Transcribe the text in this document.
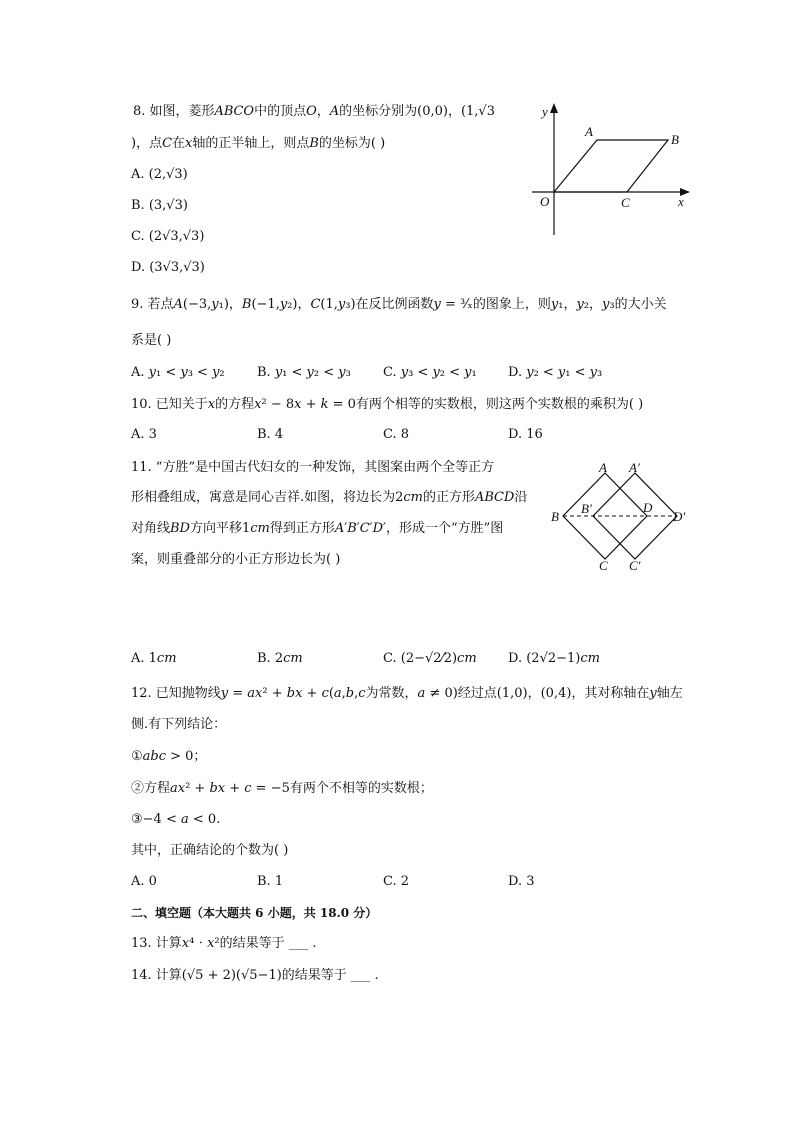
8. 如图，菱形𝐴𝐵𝐶𝑂中的顶点𝑂，𝐴的坐标分别为(0,0)，(1,√3
)，点𝐶在𝑥轴的正半轴上，则点𝐵的坐标为( )
A. (2,√3)
B. (3,√3)
C. (2√3,√3)
D. (3√3,√3)
y
x
O
A
B
C
9. 若点𝐴(−3,𝑦₁)，𝐵(−1,𝑦₂)，𝐶(1,𝑦₃)在反比例函数𝑦 = ³⁄ₓ的图象上，则𝑦₁，𝑦₂，𝑦₃的大小关
系是( )
A. 𝑦₁ < 𝑦₃ < 𝑦₂ B. 𝑦₁ < 𝑦₂ < 𝑦₃ C. 𝑦₃ < 𝑦₂ < 𝑦₁ D. 𝑦₂ < 𝑦₁ < 𝑦₃
10. 已知关于𝑥的方程𝑥² − 8𝑥 + 𝑘 = 0有两个相等的实数根，则这两个实数根的乘积为( )
A. 3	B. 4	C. 8	D. 16
11. “方胜”是中国古代妇女的一种发饰，其图案由两个全等正方
形相叠组成，寓意是同心吉祥.如图，将边长为2𝑐𝑚的正方形𝐴𝐵𝐶𝐷沿
对角线𝐵𝐷方向平移1𝑐𝑚得到正方形𝐴′𝐵′𝐶′𝐷′，形成一个“方胜”图
案，则重叠部分的小正方形边长为( )
A A′
B
B′	D
D′
C C′
A. 1𝑐𝑚	B. 2𝑐𝑚	C. (2−√2⁄2)𝑐𝑚 D. (2√2−1)𝑐𝑚
12. 已知抛物线𝑦 = 𝑎𝑥² + 𝑏𝑥 + 𝑐(𝑎,𝑏,𝑐为常数，𝑎 ≠ 0)经过点(1,0)，(0,4)，其对称轴在𝑦轴左
侧.有下列结论：
①𝑎𝑏𝑐 > 0；
②方程𝑎𝑥² + 𝑏𝑥 + 𝑐 = −5有两个不相等的实数根；
③−4 < 𝑎 < 0.
其中，正确结论的个数为( )
A. 0	B. 1	C. 2	D. 3
二、填空题（本大题共 6 小题，共 18.0 分）
13. 计算𝑥⁴ ⋅ 𝑥²的结果等于 ___ .
14. 计算(√5 + 2)(√5−1)的结果等于 ___ .
